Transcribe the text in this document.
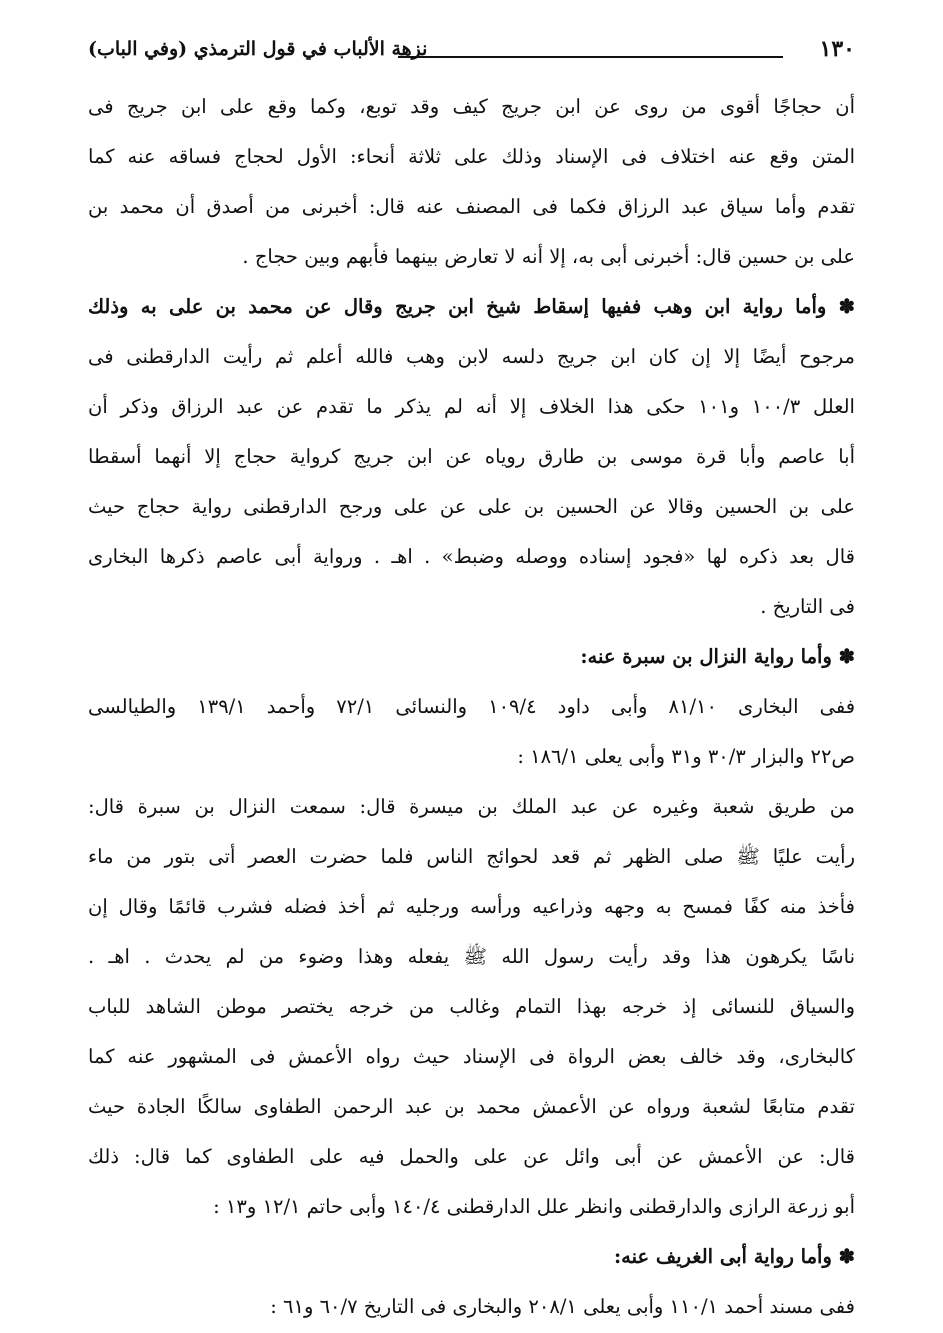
١٣٠
نزهة الألباب في قول الترمذي (وفي الباب)
أن حجاجًا أقوى من روى عن ابن جريج كيف وقد توبع، وكما وقع على ابن جريج فى
المتن وقع عنه اختلاف فى الإسناد وذلك على ثلاثة أنحاء: الأول لحجاج فساقه عنه كما
تقدم وأما سياق عبد الرزاق فكما فى المصنف عنه قال: أخبرنى من أصدق أن محمد بن
على بن حسين قال: أخبرنى أبى به، إلا أنه لا تعارض بينهما فأبهم وبين حجاج .
✽ وأما رواية ابن وهب ففيها إسقاط شيخ ابن جريج وقال عن محمد بن على به وذلك
مرجوح أيضًا إلا إن كان ابن جريج دلسه لابن وهب فالله أعلم ثم رأيت الدارقطنى فى
العلل ١٠٠/٣ و١٠١ حكى هذا الخلاف إلا أنه لم يذكر ما تقدم عن عبد الرزاق وذكر أن
أبا عاصم وأبا قرة موسى بن طارق روياه عن ابن جريج كرواية حجاج إلا أنهما أسقطا
على بن الحسين وقالا عن الحسين بن على عن على ورجح الدارقطنى رواية حجاج حيث
قال بعد ذكره لها «فجود إسناده ووصله وضبط» . اهـ . ورواية أبى عاصم ذكرها البخارى
فى التاريخ .
✽ وأما رواية النزال بن سبرة عنه:
ففى البخارى ٨١/١٠ وأبى داود ١٠٩/٤ والنسائى ٧٢/١ وأحمد ١٣٩/١ والطيالسى
ص٢٢ والبزار ٣٠/٣ و٣١ وأبى يعلى ١٨٦/١ :
من طريق شعبة وغيره عن عبد الملك بن ميسرة قال: سمعت النزال بن سبرة قال:
رأيت عليًا ﷺ صلى الظهر ثم قعد لحوائج الناس فلما حضرت العصر أتى بتور من ماء
فأخذ منه كفًا فمسح به وجهه وذراعيه ورأسه ورجليه ثم أخذ فضله فشرب قائمًا وقال إن
ناسًا يكرهون هذا وقد رأيت رسول الله ﷺ يفعله وهذا وضوء من لم يحدث . اهـ .
والسياق للنسائى إذ خرجه بهذا التمام وغالب من خرجه يختصر موطن الشاهد للباب
كالبخارى، وقد خالف بعض الرواة فى الإسناد حيث رواه الأعمش فى المشهور عنه كما
تقدم متابعًا لشعبة ورواه عن الأعمش محمد بن عبد الرحمن الطفاوى سالكًا الجادة حيث
قال: عن الأعمش عن أبى وائل عن على والحمل فيه على الطفاوى كما قال: ذلك
أبو زرعة الرازى والدارقطنى وانظر علل الدارقطنى ١٤٠/٤ وأبى حاتم ١٢/١ و١٣ :
✽ وأما رواية أبى الغريف عنه:
ففى مسند أحمد ١١٠/١ وأبى يعلى ٢٠٨/١ والبخارى فى التاريخ ٦٠/٧ و٦١ :
